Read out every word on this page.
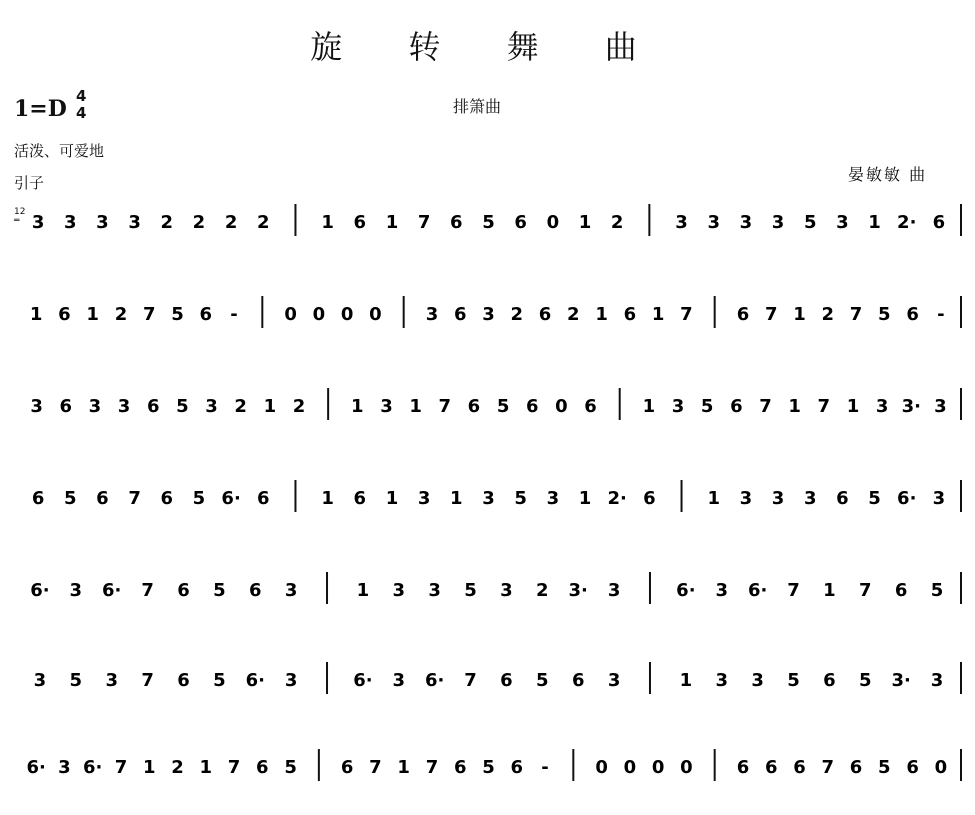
旋 转 舞 曲
1=D 4
4	排箫曲
活泼、可爱地
引子	晏敏敏 曲
12
═ 3 3 3 3 2 2 2 2	1 6 1 7 6 5 6 0 1 2	3 3 3 3 5 3 1 2· 6
1 6 1 2 7 5 6 -	0 0 0 0 3 6 3 2 6 2 1 6 1 7 6 7 1 2 7 5 6 -
3 6 3 3 6 5 3 2 1 2	1 3 1 7 6 5 6 0 6	1 3 5 6 7 1 7 1 3 3· 3
6 5 6 7 6 5 6· 6	1 6 1 3 1 3 5 3 1 2· 6	1 3 3 3 6 5 6· 3
6· 3 6· 7 6 5 6 3	1 3 3 5 3 2 3· 3	6· 3 6· 7 1 7 6 5
3 5 3 7 6 5 6· 3	6· 3 6· 7 6 5 6 3	1 3 3 5 6 5 3· 3
6· 3 6· 7 1 2 1 7 6 5 6 7 1 7 6 5 6 -	0 0 0 0 6 6 6 7 6 5 6 0
